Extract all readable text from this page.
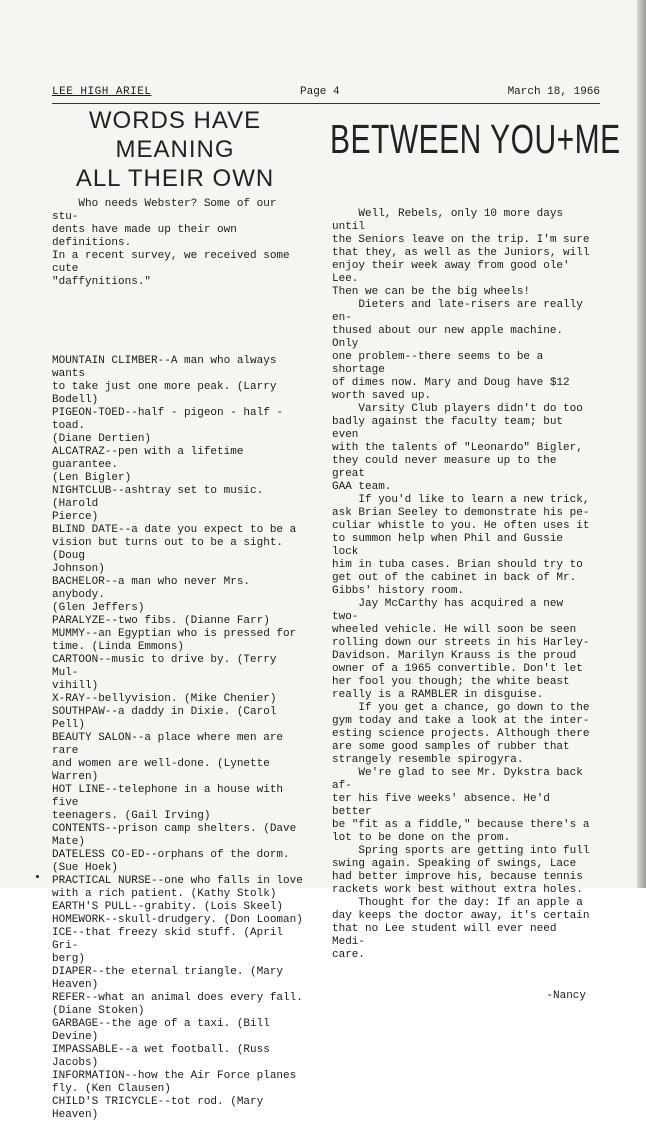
LEE HIGH ARIEL	Page 4	March 18, 1966
WORDS HAVE MEANING
ALL THEIR OWN
BETWEEN YOU+ME

Who needs Webster? Some of our stu-
dents have made up their own definitions.
In a recent survey, we received some cute
"daffynitions."

MOUNTAIN CLIMBER--A man who always wants
to take just one more peak. (Larry Bodell)
PIGEON-TOED--half - pigeon - half - toad.
(Diane Dertien)
ALCATRAZ--pen with a lifetime guarantee.
(Len Bigler)
NIGHTCLUB--ashtray set to music. (Harold
Pierce)
BLIND DATE--a date you expect to be a
vision but turns out to be a sight. (Doug
Johnson)
BACHELOR--a man who never Mrs. anybody.
(Glen Jeffers)
PARALYZE--two fibs. (Dianne Farr)
MUMMY--an Egyptian who is pressed for
time. (Linda Emmons)
CARTOON--music to drive by. (Terry Mul-
vihill)
X-RAY--bellyvision. (Mike Chenier)
SOUTHPAW--a daddy in Dixie. (Carol Pell)
BEAUTY SALON--a place where men are rare
and women are well-done. (Lynette Warren)
HOT LINE--telephone in a house with five
teenagers. (Gail Irving)
CONTENTS--prison camp shelters. (Dave
Mate)
DATELESS CO-ED--orphans of the dorm.
(Sue Hoek)
PRACTICAL NURSE--one who falls in love
with a rich patient. (Kathy Stolk)
EARTH'S PULL--grabity. (Lois Skeel)
HOMEWORK--skull-drudgery. (Don Looman)
ICE--that freezy skid stuff. (April Gri-
berg)
DIAPER--the eternal triangle. (Mary
Heaven)
REFER--what an animal does every fall.
(Diane Stoken)
GARBAGE--the age of a taxi. (Bill Devine)
IMPASSABLE--a wet football. (Russ Jacobs)
INFORMATION--how the Air Force planes
fly. (Ken Clausen)
CHILD'S TRICYCLE--tot rod. (Mary Heaven)

Well, Rebels, only 10 more days until
the Seniors leave on the trip. I'm sure
that they, as well as the Juniors, will
enjoy their week away from good ole' Lee.
Then we can be the big wheels!
Dieters and late-risers are really en-
thused about our new apple machine. Only
one problem--there seems to be a shortage
of dimes now. Mary and Doug have $12
worth saved up.
Varsity Club players didn't do too
badly against the faculty team; but even
with the talents of "Leonardo" Bigler,
they could never measure up to the great
GAA team.
If you'd like to learn a new trick,
ask Brian Seeley to demonstrate his pe-
culiar whistle to you. He often uses it
to summon help when Phil and Gussie lock
him in tuba cases. Brian should try to
get out of the cabinet in back of Mr.
Gibbs' history room.
Jay McCarthy has acquired a new two-
wheeled vehicle. He will soon be seen
rolling down our streets in his Harley-
Davidson. Marilyn Krauss is the proud
owner of a 1965 convertible. Don't let
her fool you though; the white beast
really is a RAMBLER in disguise.
If you get a chance, go down to the
gym today and take a look at the inter-
esting science projects. Although there
are some good samples of rubber that
strangely resemble spirogyra.
We're glad to see Mr. Dykstra back af-
ter his five weeks' absence. He'd better
be "fit as a fiddle," because there's a
lot to be done on the prom.
Spring sports are getting into full
swing again. Speaking of swings, Lace
had better improve his, because tennis
rackets work best without extra holes.
Thought for the day: If an apple a
day keeps the doctor away, it's certain
that no Lee student will ever need Medi-
care.

-Nancy
